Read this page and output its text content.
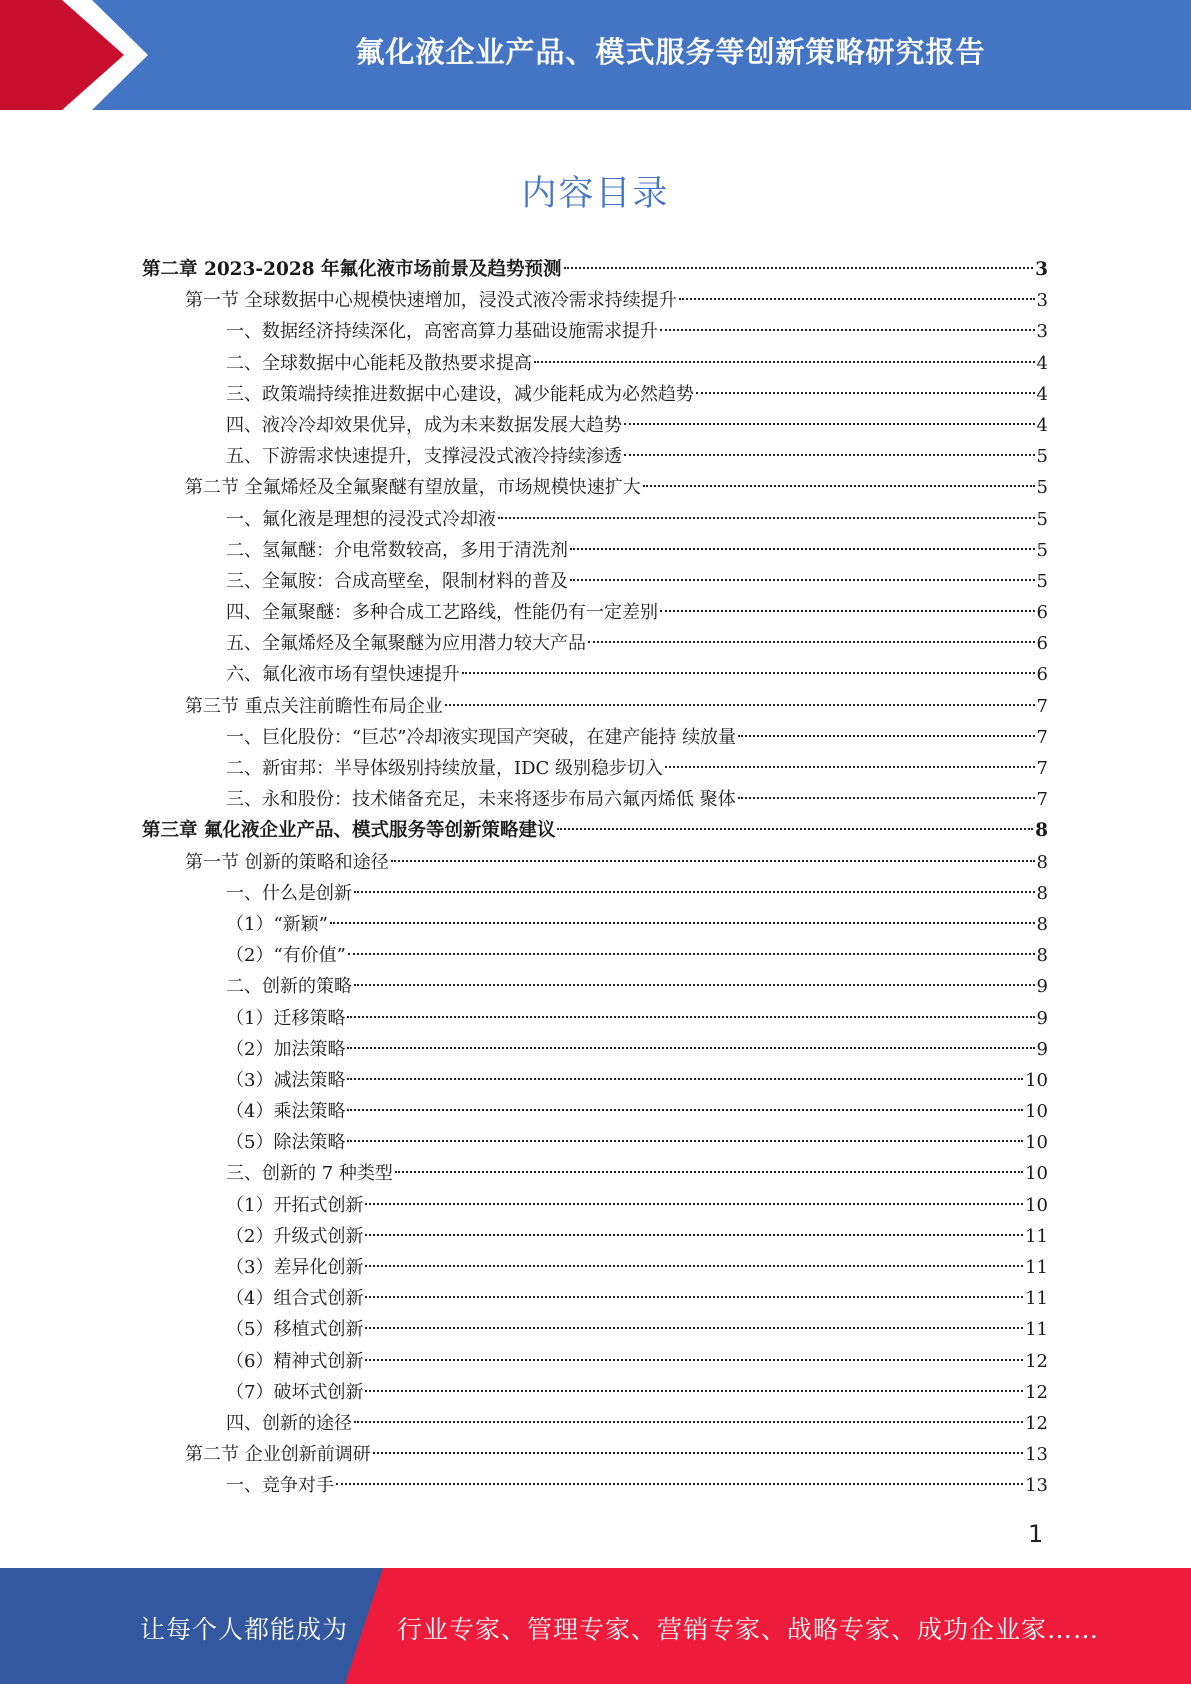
氟化液企业产品、模式服务等创新策略研究报告
内容目录
第二章 2023-2028 年氟化液市场前景及趋势预测	3
第一节 全球数据中心规模快速增加，浸没式液冷需求持续提升	3
一、数据经济持续深化，高密高算力基础设施需求提升	3
二、全球数据中心能耗及散热要求提高	4
三、政策端持续推进数据中心建设，减少能耗成为必然趋势	4
四、液冷冷却效果优异，成为未来数据发展大趋势	4
五、下游需求快速提升，支撑浸没式液冷持续渗透	5
第二节 全氟烯烃及全氟聚醚有望放量，市场规模快速扩大	5
一、氟化液是理想的浸没式冷却液	5
二、氢氟醚：介电常数较高，多用于清洗剂	5
三、全氟胺：合成高壁垒，限制材料的普及	5
四、全氟聚醚：多种合成工艺路线，性能仍有一定差别	6
五、全氟烯烃及全氟聚醚为应用潜力较大产品	6
六、氟化液市场有望快速提升	6
第三节 重点关注前瞻性布局企业	7
一、巨化股份：“巨芯”冷却液实现国产突破，在建产能持 续放量	7
二、新宙邦：半导体级别持续放量，IDC 级别稳步切入	7
三、永和股份：技术储备充足，未来将逐步布局六氟丙烯低 聚体	7
第三章 氟化液企业产品、模式服务等创新策略建议	8
第一节 创新的策略和途径	8
一、什么是创新	8
（1）“新颖”	8
（2）“有价值”	8
二、创新的策略	9
（1）迁移策略	9
（2）加法策略	9
（3）减法策略	10
（4）乘法策略	10
（5）除法策略	10
三、创新的 7 种类型	10
（1）开拓式创新	10
（2）升级式创新	11
（3）差异化创新	11
（4）组合式创新	11
（5）移植式创新	11
（6）精神式创新	12
（7）破坏式创新	12
四、创新的途径	12
第二节 企业创新前调研	13
一、竞争对手	13
1
让每个人都能成为 行业专家、管理专家、营销专家、战略专家、成功企业家……
